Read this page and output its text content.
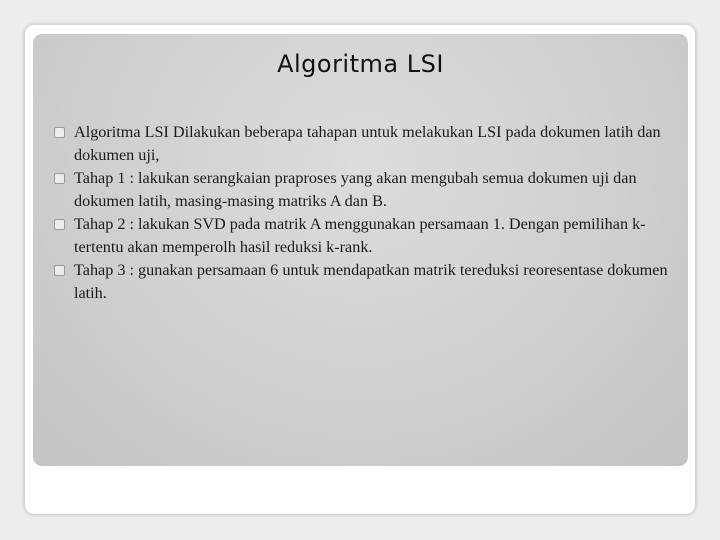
Algoritma LSI
Algoritma LSI Dilakukan beberapa tahapan untuk melakukan LSI pada dokumen latih dan dokumen uji,
Tahap 1 : lakukan serangkaian praproses yang akan mengubah semua dokumen uji dan dokumen latih, masing-masing matriks A dan B.
Tahap 2 : lakukan SVD pada matrik A menggunakan persamaan 1. Dengan pemilihan k-tertentu akan memperolh hasil reduksi k-rank.
Tahap 3 : gunakan persamaan 6 untuk mendapatkan matrik tereduksi reoresentase dokumen latih.
